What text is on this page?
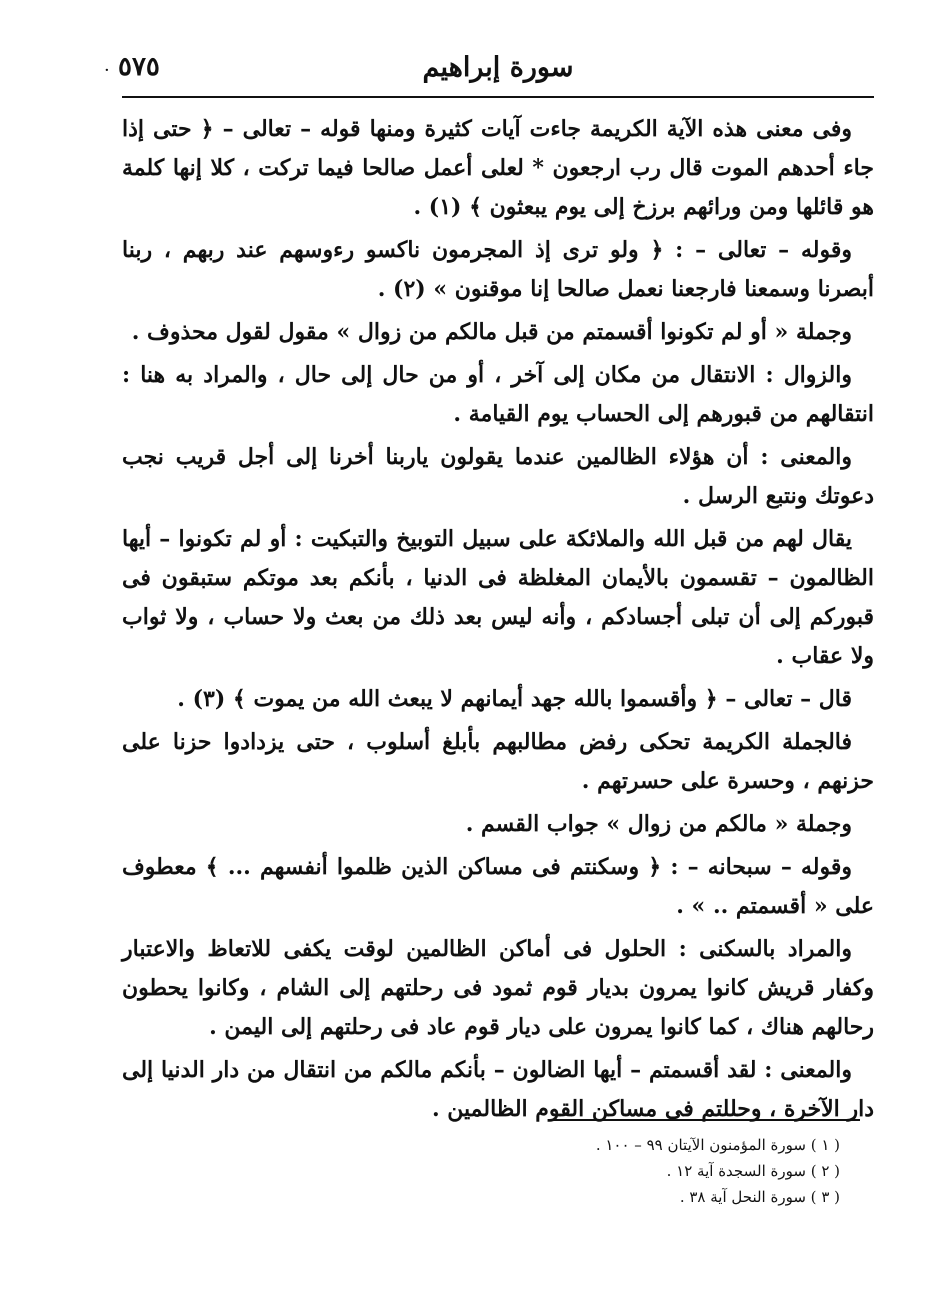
· ٥٧٥	سورة إبراهيم

وفى معنى هذه الآية الكريمة جاءت آيات كثيرة ومنها قوله – تعالى – ﴿ حتى إذا جاء أحدهم الموت قال رب ارجعون * لعلى أعمل صالحا فيما تركت ، كلا إنها كلمة هو قائلها ومن ورائهم برزخ إلى يوم يبعثون ﴾ (١) .

وقوله – تعالى – : ﴿ ولو ترى إذ المجرمون ناكسو رءوسهم عند ربهم ، ربنا أبصرنا وسمعنا فارجعنا نعمل صالحا إنا موقنون » (٢) .

وجملة « أو لم تكونوا أقسمتم من قبل مالكم من زوال » مقول لقول محذوف .

والزوال : الانتقال من مكان إلى آخر ، أو من حال إلى حال ، والمراد به هنا : انتقالهم من قبورهم إلى الحساب يوم القيامة .

والمعنى : أن هؤلاء الظالمين عندما يقولون ياربنا أخرنا إلى أجل قريب نجب دعوتك ونتبع الرسل .

يقال لهم من قبل الله والملائكة على سبيل التوبيخ والتبكيت : أو لم تكونوا – أيها الظالمون – تقسمون بالأيمان المغلظة فى الدنيا ، بأنكم بعد موتكم ستبقون فى قبوركم إلى أن تبلى أجسادكم ، وأنه ليس بعد ذلك من بعث ولا حساب ، ولا ثواب ولا عقاب .

قال – تعالى – ﴿ وأقسموا بالله جهد أيمانهم لا يبعث الله من يموت ﴾ (٣) .

فالجملة الكريمة تحكى رفض مطالبهم بأبلغ أسلوب ، حتى يزدادوا حزنا على حزنهم ، وحسرة على حسرتهم .

وجملة « مالكم من زوال » جواب القسم .

وقوله – سبحانه – : ﴿ وسكنتم فى مساكن الذين ظلموا أنفسهم ... ﴾ معطوف على « أقسمتم .. » .

والمراد بالسكنى : الحلول فى أماكن الظالمين لوقت يكفى للاتعاظ والاعتبار وكفار قريش كانوا يمرون بديار قوم ثمود فى رحلتهم إلى الشام ، وكانوا يحطون رحالهم هناك ، كما كانوا يمرون على ديار قوم عاد فى رحلتهم إلى اليمن .

والمعنى : لقد أقسمتم – أيها الضالون – بأنكم مالكم من انتقال من دار الدنيا إلى دار الآخرة ، وحللتم فى مساكن القوم الظالمين .

( ١ ) سورة المؤمنون الآيتان ٩٩ – ١٠٠ .
( ٢ ) سورة السجدة آية ١٢ .
( ٣ ) سورة النحل آية ٣٨ .
